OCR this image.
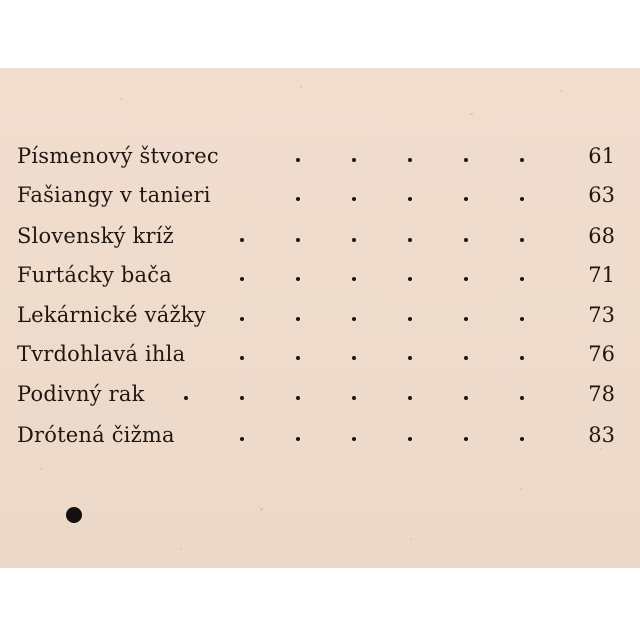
Písmenový štvorec	61
Fašiangy v tanieri	63
Slovenský kríž	68
Furtácky bača	71
Lekárnické vážky	73
Tvrdohlavá ihla	76
Podivný rak	78
Drótená čižma	83
